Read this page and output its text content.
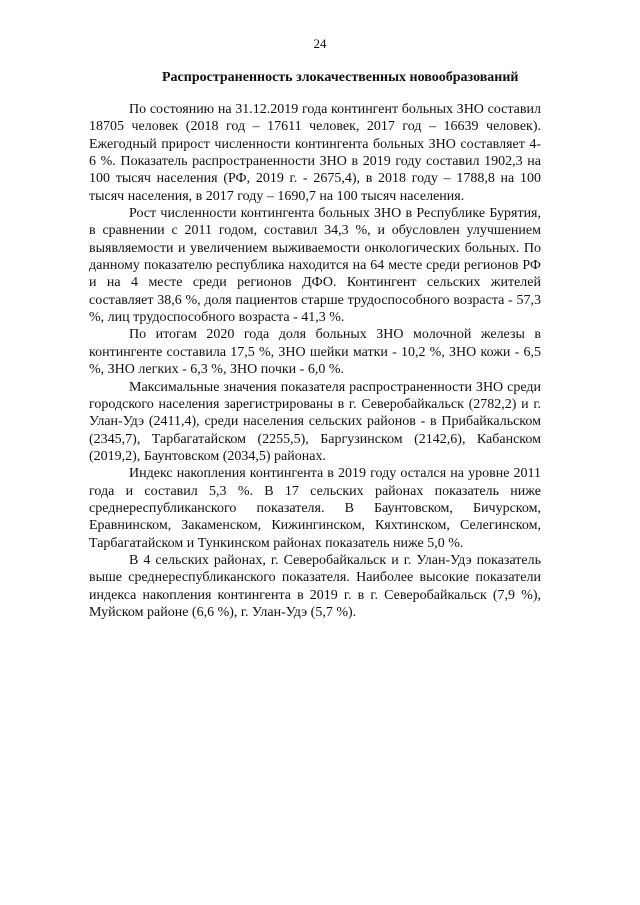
24
Распространенность злокачественных новообразований

По состоянию на 31.12.2019 года контингент больных ЗНО составил 18705 человек (2018 год – 17611 человек, 2017 год – 16639 человек). Ежегодный прирост численности контингента больных ЗНО составляет 4-6 %. Показатель распространенности ЗНО в 2019 году составил 1902,3 на 100 тысяч населения (РФ, 2019 г. - 2675,4), в 2018 году – 1788,8 на 100 тысяч населения, в 2017 году – 1690,7 на 100 тысяч населения.

Рост численности контингента больных ЗНО в Республике Бурятия, в сравнении с 2011 годом, составил 34,3 %, и обусловлен улучшением выявляемости и увеличением выживаемости онкологических больных. По данному показателю республика находится на 64 месте среди регионов РФ и на 4 месте среди регионов ДФО. Контингент сельских жителей составляет 38,6 %, доля пациентов старше трудоспособного возраста - 57,3 %, лиц трудоспособного возраста - 41,3 %.

По итогам 2020 года доля больных ЗНО молочной железы в контингенте составила 17,5 %, ЗНО шейки матки - 10,2 %, ЗНО кожи - 6,5 %, ЗНО легких - 6,3 %, ЗНО почки - 6,0 %.

Максимальные значения показателя распространенности ЗНО среди городского населения зарегистрированы в г. Северобайкальск (2782,2) и г. Улан-Удэ (2411,4), среди населения сельских районов - в Прибайкальском (2345,7), Тарбагатайском (2255,5), Баргузинском (2142,6), Кабанском (2019,2), Баунтовском (2034,5) районах.

Индекс накопления контингента в 2019 году остался на уровне 2011 года и составил 5,3 %. В 17 сельских районах показатель ниже среднереспубликанского показателя. В Баунтовском, Бичурском, Еравнинском, Закаменском, Кижингинском, Кяхтинском, Селегинском, Тарбагатайском и Тункинском районах показатель ниже 5,0 %.

В 4 сельских районах, г. Северобайкальск и г. Улан-Удэ показатель выше среднереспубликанского показателя. Наиболее высокие показатели индекса накопления контингента в 2019 г. в г. Северобайкальск (7,9 %), Муйском районе (6,6 %), г. Улан-Удэ (5,7 %).
